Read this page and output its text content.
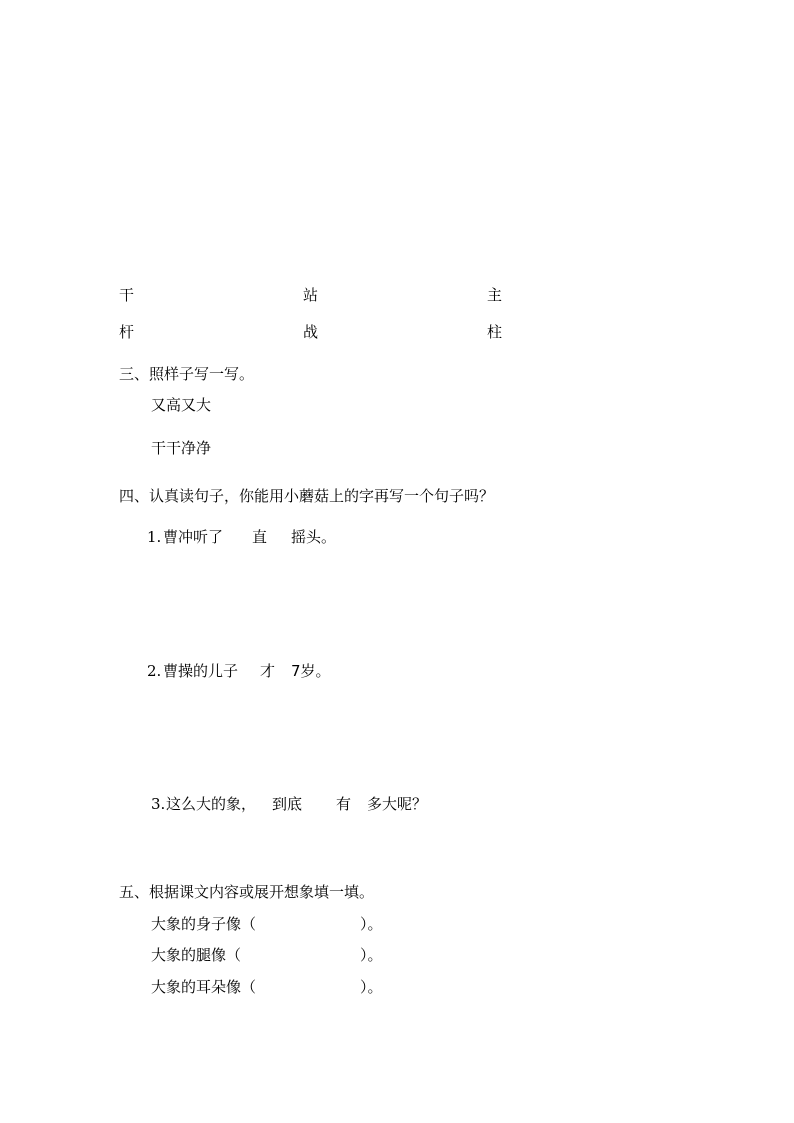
干	站	主
杆	战	柱
三、照样子写一写。
又高又大
干干净净
四、认真读句子，你能用小蘑菇上的字再写一个句子吗？
1. 曹冲听了 直 摇头。
2. 曹操的儿子 才 7岁。
3. 这么大的象， 到底 有 多大呢？
五、根据课文内容或展开想象填一填。
大象的身子像（	）。
大象的腿像（	）。
大象的耳朵像（	）。
